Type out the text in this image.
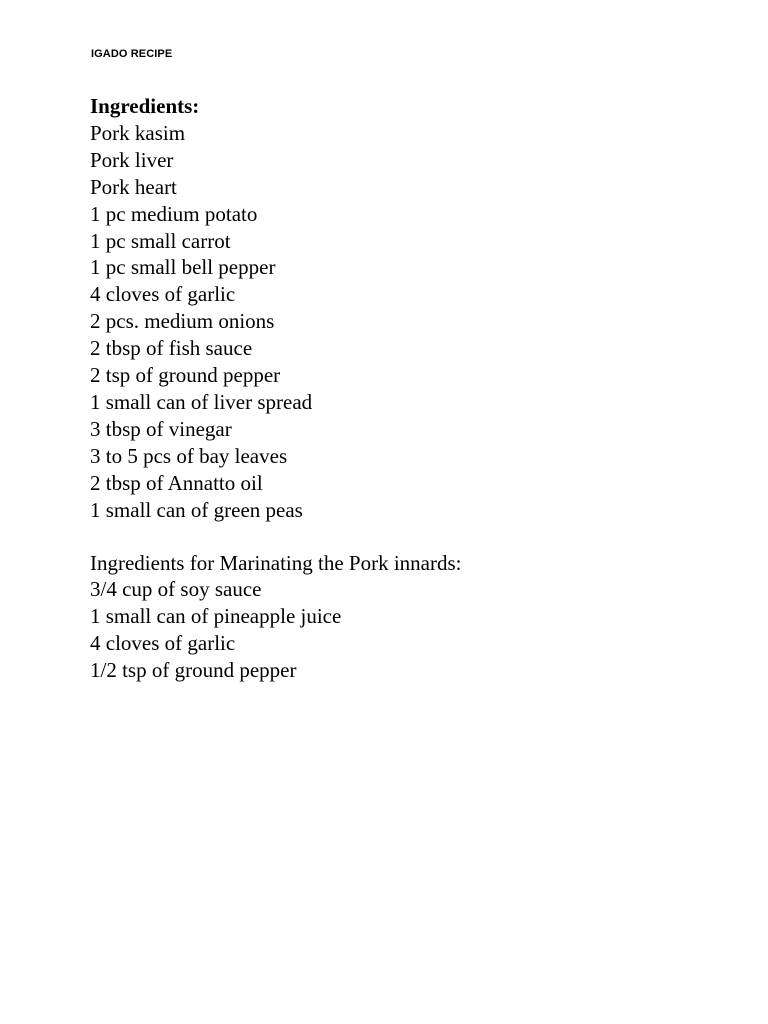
IGADO RECIPE
Ingredients:
Pork kasim
Pork liver
Pork heart
1 pc medium potato
1 pc small carrot
1 pc small bell pepper
4 cloves of garlic
2 pcs. medium onions
2 tbsp of fish sauce
2 tsp of ground pepper
1 small can of liver spread
3 tbsp of vinegar
3 to 5 pcs of bay leaves
2 tbsp of Annatto oil
1 small can of green peas
Ingredients for Marinating the Pork innards:
3/4 cup of soy sauce
1 small can of pineapple juice
4 cloves of garlic
1/2 tsp of ground pepper
